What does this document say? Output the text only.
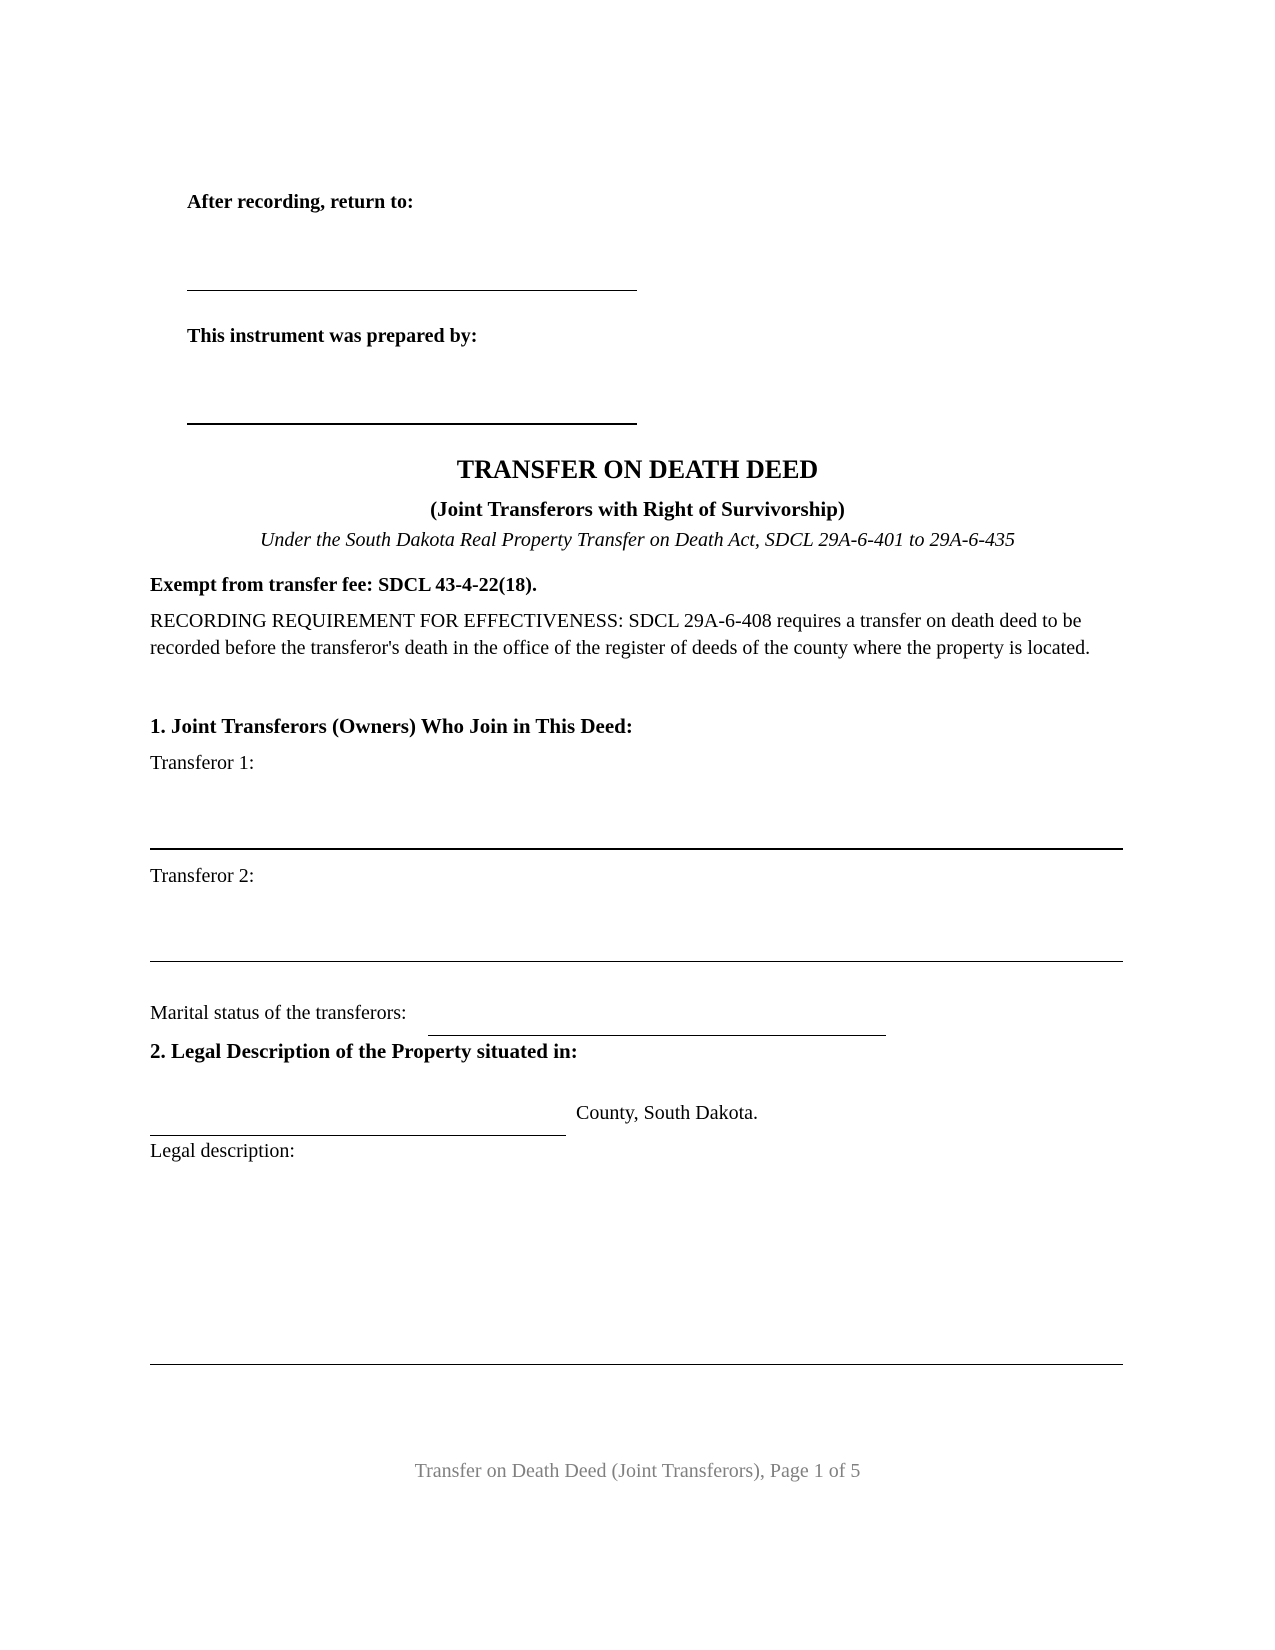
After recording, return to:
This instrument was prepared by:
TRANSFER ON DEATH DEED
(Joint Transferors with Right of Survivorship)
Under the South Dakota Real Property Transfer on Death Act, SDCL 29A-6-401 to 29A-6-435
Exempt from transfer fee: SDCL 43-4-22(18).
RECORDING REQUIREMENT FOR EFFECTIVENESS: SDCL 29A-6-408 requires a transfer on death deed to be recorded before the transferor's death in the office of the register of deeds of the county where the property is located.
1. Joint Transferors (Owners) Who Join in This Deed:
Transferor 1:
Transferor 2:
Marital status of the transferors:
2. Legal Description of the Property situated in:
County, South Dakota.
Legal description:
Transfer on Death Deed (Joint Transferors), Page 1 of 5
